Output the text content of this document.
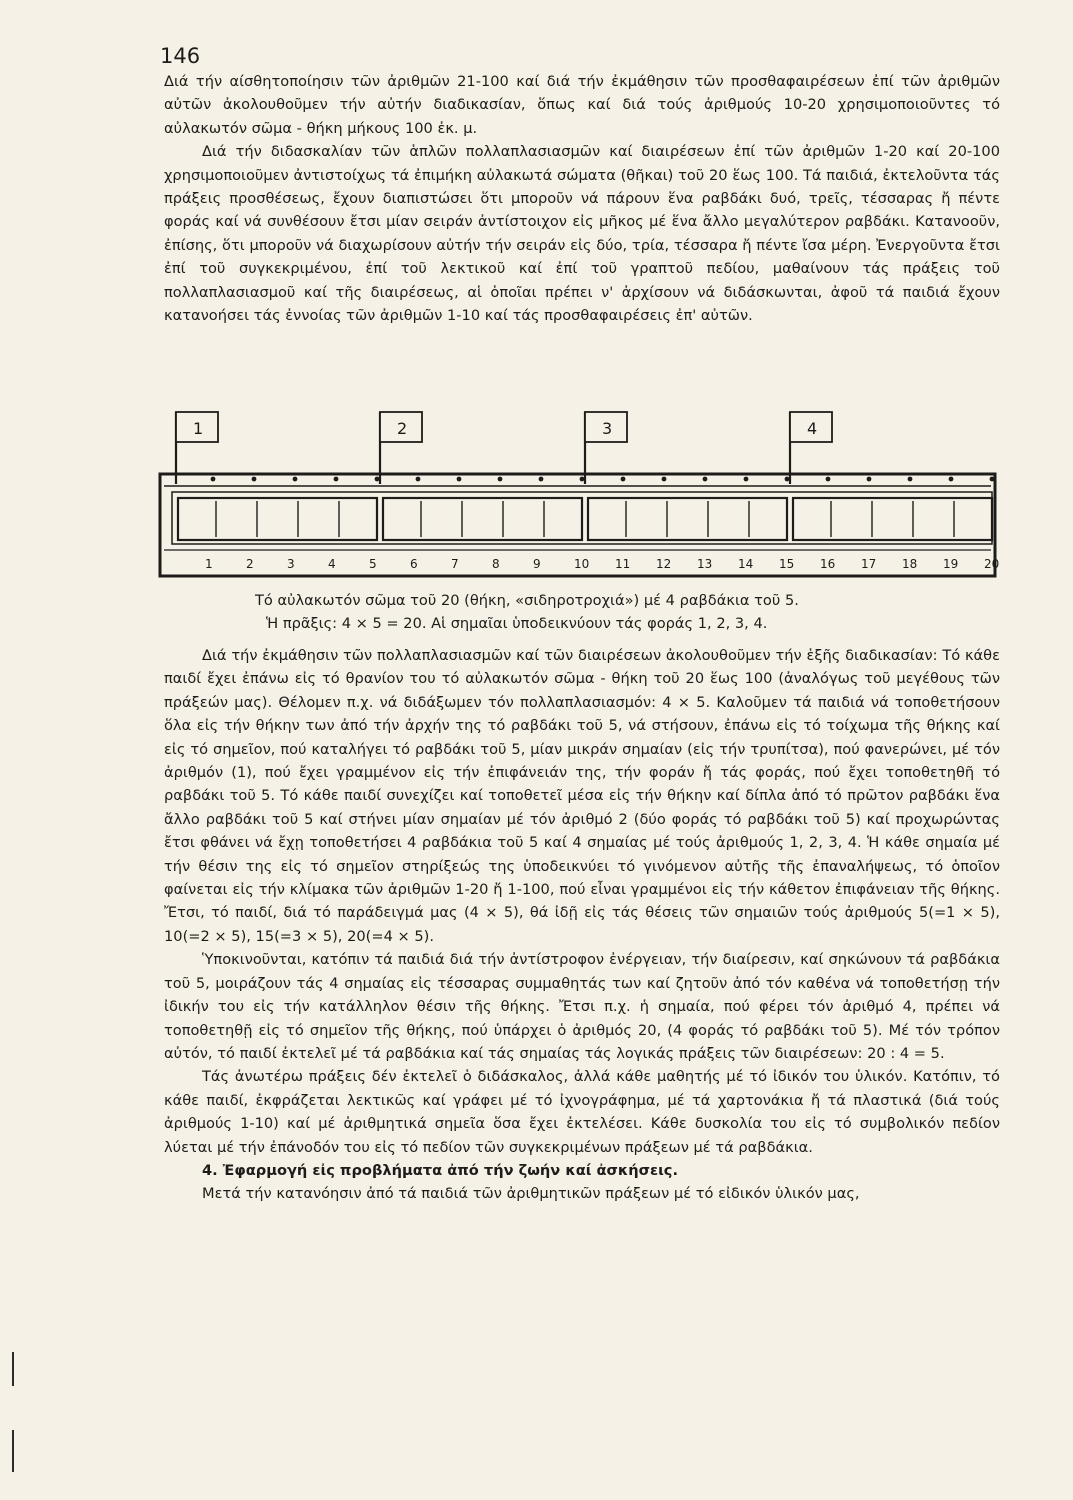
146

Διά τήν αίσθητοποίησιν τῶν ἀριθμῶν 21-100 καί διά τήν ἐκμάθησιν τῶν προσθαφαιρέσεων ἐπί τῶν ἀριθμῶν αὐτῶν ἀκολουθοῦμεν τήν αὐτήν διαδικασίαν, ὅπως καί διά τούς ἀριθμούς 10-20 χρησιμοποιοῦντες τό αὐλακωτόν σῶμα - θήκη μήκους 100 ἐκ. μ.

Διά τήν διδασκαλίαν τῶν ἁπλῶν πολλαπλασιασμῶν καί διαιρέσεων ἐπί τῶν ἀριθμῶν 1-20 καί 20-100 χρησιμοποιοῦμεν ἀντιστοίχως τά ἐπιμήκη αὐλακωτά σώματα (θῆκαι) τοῦ 20 ἕως 100. Τά παιδιά, ἐκτελοῦντα τάς πράξεις προσθέσεως, ἔχουν διαπιστώσει ὅτι μποροῦν νά πάρουν ἕνα ραβδάκι δυό, τρεῖς, τέσσαρας ἤ πέντε φοράς καί νά συνθέσουν ἔτσι μίαν σειράν ἀντίστοιχον εἰς μῆκος μέ ἕνα ἄλλο μεγαλύτερον ραβδάκι. Κατανοοῦν, ἐπίσης, ὅτι μποροῦν νά διαχωρίσουν αὐτήν τήν σειράν εἰς δύο, τρία, τέσσαρα ἤ πέντε ἴσα μέρη. Ἐνεργοῦντα ἔτσι ἐπί τοῦ συγκεκριμένου, ἐπί τοῦ λεκτικοῦ καί ἐπί τοῦ γραπτοῦ πεδίου, μαθαίνουν τάς πράξεις τοῦ πολλαπλασιασμοῦ καί τῆς διαιρέσεως, αἱ ὁποῖαι πρέπει ν' ἀρχίσουν νά διδάσκωνται, ἀφοῦ τά παιδιά ἔχουν κατανοήσει τάς ἐννοίας τῶν ἀριθμῶν 1-10 καί τάς προσθαφαιρέσεις ἐπ' αὐτῶν.

1	2	3	4	5	6	7	8	9	10 11 12 13 14 15 16 17 18 19 20
1	2	3	4

Τό αὐλακωτόν σῶμα τοῦ 20 (θήκη, «σιδηροτροχιά») μέ 4 ραβδάκια τοῦ 5.

Ἡ πρᾶξις: 4 × 5 = 20. Αἱ σημαῖαι ὑποδεικνύουν τάς φοράς 1, 2, 3, 4.

Διά τήν ἐκμάθησιν τῶν πολλαπλασιασμῶν καί τῶν διαιρέσεων ἀκολουθοῦμεν τήν ἑξῆς διαδικασίαν: Τό κάθε παιδί ἔχει ἐπάνω εἰς τό θρανίον του τό αὐλακωτόν σῶμα - θήκη τοῦ 20 ἕως 100 (ἀναλόγως τοῦ μεγέθους τῶν πράξεών μας). Θέλομεν π.χ. νά διδάξωμεν τόν πολλαπλασιασμόν: 4 × 5. Καλοῦμεν τά παιδιά νά τοποθετήσουν ὅλα εἰς τήν θήκην των ἀπό τήν ἀρχήν της τό ραβδάκι τοῦ 5, νά στήσουν, ἐπάνω εἰς τό τοίχωμα τῆς θήκης καί εἰς τό σημεῖον, πού καταλήγει τό ραβδάκι τοῦ 5, μίαν μικράν σημαίαν (εἰς τήν τρυπίτσα), πού φανερώνει, μέ τόν ἀριθμόν (1), πού ἔχει γραμμένον εἰς τήν ἐπιφάνειάν της, τήν φοράν ἤ τάς φοράς, πού ἔχει τοποθετηθῆ τό ραβδάκι τοῦ 5. Τό κάθε παιδί συνεχίζει καί τοποθετεῖ μέσα εἰς τήν θήκην καί δίπλα ἀπό τό πρῶτον ραβδάκι ἕνα ἄλλο ραβδάκι τοῦ 5 καί στήνει μίαν σημαίαν μέ τόν ἀριθμό 2 (δύο φοράς τό ραβδάκι τοῦ 5) καί προχωρώντας ἔτσι φθάνει νά ἔχῃ τοποθετήσει 4 ραβδάκια τοῦ 5 καί 4 σημαίας μέ τούς ἀριθμούς 1, 2, 3, 4. Ἡ κάθε σημαία μέ τήν θέσιν της εἰς τό σημεῖον στηρίξεώς της ὑποδεικνύει τό γινόμενον αὐτῆς τῆς ἐπαναλήψεως, τό ὁποῖον φαίνεται εἰς τήν κλίμακα τῶν ἀριθμῶν 1-20 ἤ 1-100, πού εἶναι γραμμένοι εἰς τήν κάθετον ἐπιφάνειαν τῆς θήκης. Ἔτσι, τό παιδί, διά τό παράδειγμά μας (4 × 5), θά ἰδῇ εἰς τάς θέσεις τῶν σημαιῶν τούς ἀριθμούς 5(=1 × 5), 10(=2 × 5), 15(=3 × 5), 20(=4 × 5).

Ὑποκινοῦνται, κατόπιν τά παιδιά διά τήν ἀντίστροφον ἐνέργειαν, τήν διαίρεσιν, καί σηκώνουν τά ραβδάκια τοῦ 5, μοιράζουν τάς 4 σημαίας εἰς τέσσαρας συμμαθητάς των καί ζητοῦν ἀπό τόν καθένα νά τοποθετήσῃ τήν ἰδικήν του εἰς τήν κατάλληλον θέσιν τῆς θήκης. Ἔτσι π.χ. ἡ σημαία, πού φέρει τόν ἀριθμό 4, πρέπει νά τοποθετηθῇ εἰς τό σημεῖον τῆς θήκης, πού ὑπάρχει ὁ ἀριθμός 20, (4 φοράς τό ραβδάκι τοῦ 5). Μέ τόν τρόπον αὐτόν, τό παιδί ἐκτελεῖ μέ τά ραβδάκια καί τάς σημαίας τάς λογικάς πράξεις τῶν διαιρέσεων: 20 : 4 = 5.

Τάς ἀνωτέρω πράξεις δέν ἐκτελεῖ ὁ διδάσκαλος, ἀλλά κάθε μαθητής μέ τό ἰδικόν του ὑλικόν. Κατόπιν, τό κάθε παιδί, ἐκφράζεται λεκτικῶς καί γράφει μέ τό ἰχνογράφημα, μέ τά χαρτονάκια ἤ τά πλαστικά (διά τούς ἀριθμούς 1-10) καί μέ ἀριθμητικά σημεῖα ὅσα ἔχει ἐκτελέσει. Κάθε δυσκολία του εἰς τό συμβολικόν πεδίον λύεται μέ τήν ἐπάνοδόν του εἰς τό πεδίον τῶν συγκεκριμένων πράξεων μέ τά ραβδάκια.

4. Ἐφαρμογή εἰς προβλήματα ἀπό τήν ζωήν καί ἀσκήσεις.

Μετά τήν κατανόησιν ἀπό τά παιδιά τῶν ἀριθμητικῶν πράξεων μέ τό εἰδικόν ὑλικόν μας,
